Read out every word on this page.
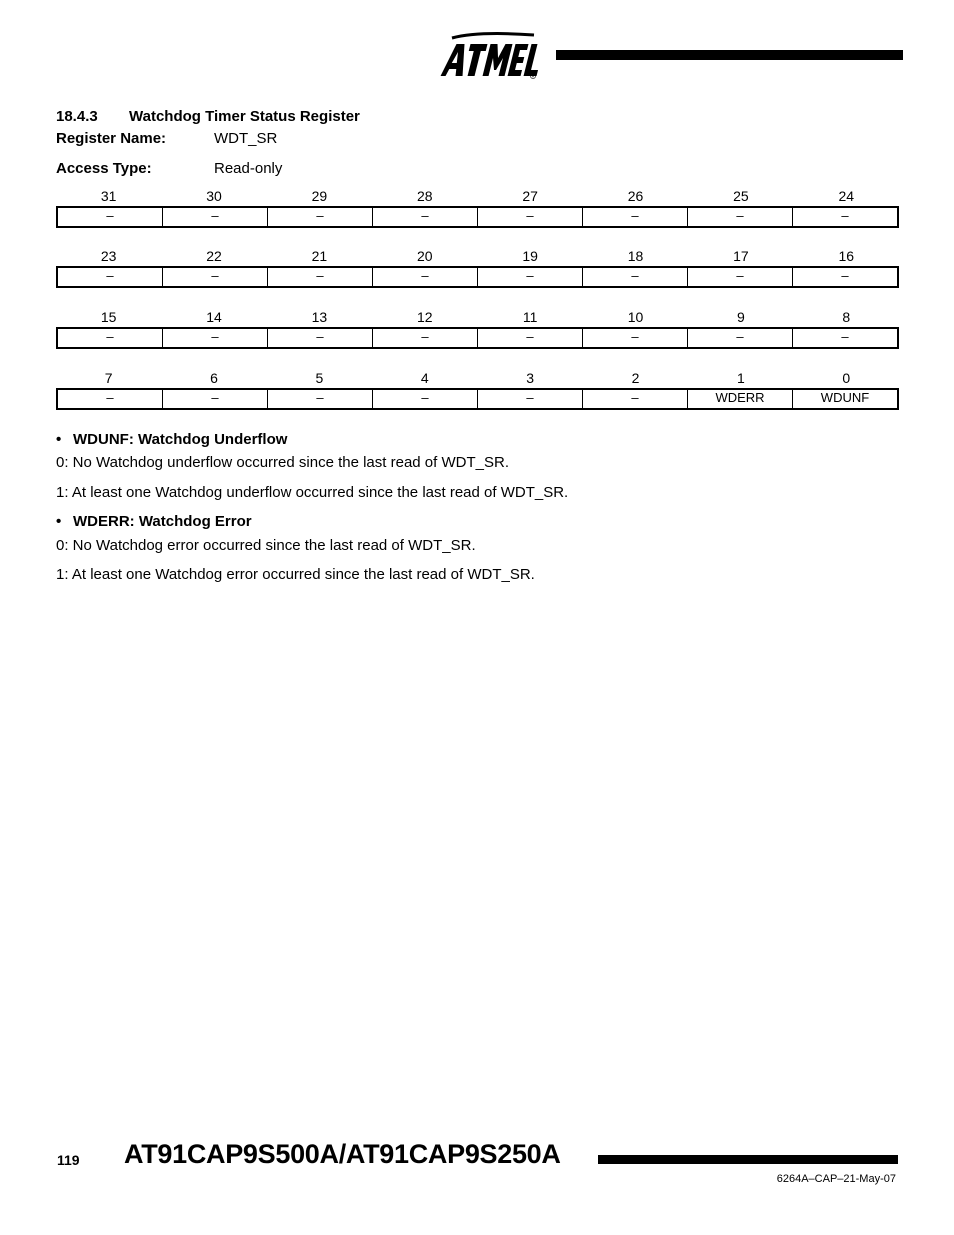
R
18.4.3 Watchdog Timer Status Register
Register Name:	WDT_SR
Access Type:	Read-only
31	30	29	28	27	26	25	24
–	–	–	–	–	–	–	–
23	22	21	20	19	18	17	16
–	–	–	–	–	–	–	–
15	14	13	12	11	10	9	8
–	–	–	–	–	–	–	–
7	6	5	4	3	2	1	0
–	–	–	–	–	–	WDERR	WDUNF
• WDUNF: Watchdog Underflow
0: No Watchdog underflow occurred since the last read of WDT_SR.
1: At least one Watchdog underflow occurred since the last read of WDT_SR.
• WDERR: Watchdog Error
0: No Watchdog error occurred since the last read of WDT_SR.
1: At least one Watchdog error occurred since the last read of WDT_SR.
119 AT91CAP9S500A/AT91CAP9S250A
6264A–CAP–21-May-07
